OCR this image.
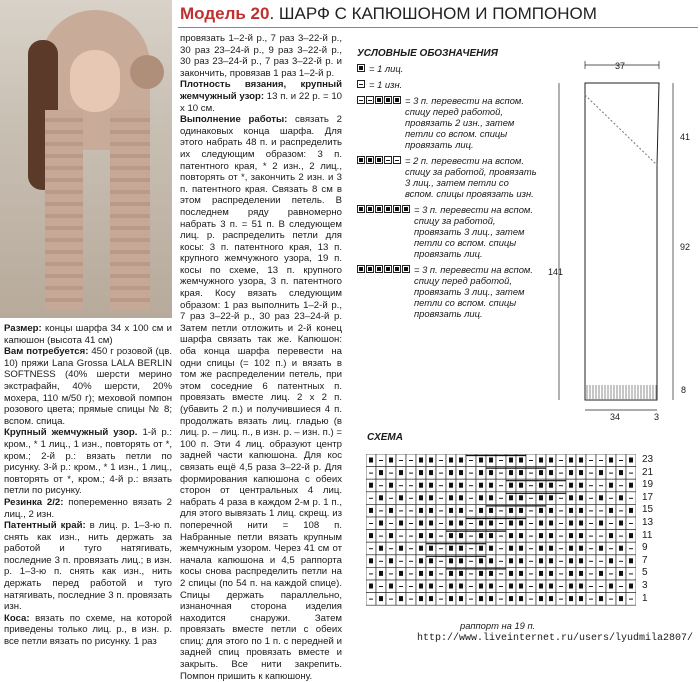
Модель 20. ШАРФ С КАПЮШОНОМ И ПОМПОНОМ
Размер: концы шарфа 34 х 100 см и капюшон (высота 41 см)
Вам потребуется: 450 г розовой (цв. 10) пряжи Lana Grossa LALA BERLIN SOFTNESS (40% шерсти мерино экстрафайн, 40% шерсти, 20% мохера, 110 м/50 г); меховой помпон розового цвета; прямые спицы № 8; вспом. спица.
Крупный жемчужный узор. 1-й р.: кром., * 1 лиц., 1 изн., повторять от *, кром.; 2-й р.: вязать петли по рисунку. 3-й р.: кром., * 1 изн., 1 лиц., повторять от *, кром.; 4-й р.: вязать петли по рисунку.
Резинка 2/2: попеременно вязать 2 лиц., 2 изн.
Патентный край: в лиц. р. 1–3-ю п. снять как изн., нить держать за работой и туго натягивать, последние 3 п. провязать лиц.; в изн. р. 1–3-ю п. снять как изн., нить держать перед работой и туго натягивать, последние 3 п. провязать изн.
Коса: вязать по схеме, на которой приведены только лиц. р., в изн. р. все петли вязать по рисунку. 1 раз
провязать 1–2-й р., 7 раз 3–22-й р., 30 раз 23–24-й р., 9 раз 3–22-й р., 30 раз 23–24-й р., 7 раз 3–22-й р. и закончить, провязав 1 раз 1–2-й р.
Плотность вязания, крупный жемчужный узор: 13 п. и 22 р. = 10 х 10 см.
Выполнение работы: связать 2 одинаковых конца шарфа. Для этого набрать 48 п. и распределить их следующим образом: 3 п. патентного края, * 2 изн., 2 лиц., повторять от *, закончить 2 изн. и 3 п. патентного края. Связать 8 см в этом распределении петель. В последнем ряду равномерно набрать 3 п. = 51 п. В следующем лиц. р. распределить петли для косы: 3 п. патентного края, 13 п. крупного жемчужного узора, 19 п. косы по схеме, 13 п. крупного жемчужного узора, 3 п. патентного края. Косу вязать следующим образом: 1 раз выполнить 1–2-й р., 7 раз 3–22-й р., 30 раз 23–24-й р. Затем петли отложить и 2-й конец шарфа связать так же. Капюшон: оба конца шарфа перевести на одни спицы (= 102 п.) и вязать в том же распределении петель, при этом соседние 6 патентных п. провязать вместе лиц. 2 х 2 п. (убавить 2 п.) и получившиеся 4 п. продолжать вязать лиц. гладью (в лиц. р. – лиц. п., в изн. р. – изн. п.) = 100 п. Эти 4 лиц. образуют центр задней части капюшона. Для кос связать ещё 4,5 раза 3–22-й р. Для формирования капюшона с обеих сторон от центральных 4 лиц. набрать 4 раза в каждом 2-м р. 1 п., для этого вывязать 1 лиц. скрещ. из поперечной нити = 108 п. Набранные петли вязать крупным жемчужным узором. Через 41 см от начала капюшона и 4,5 раппорта косы снова распределить петли на 2 спицы (по 54 п. на каждой спице). Спицы держать параллельно, изнаночная сторона изделия находится снаружи. Затем провязать вместе петли с обеих спиц: для этого по 1 п. с передней и задней спиц провязать вместе и закрыть. Все нити закрепить. Помпон пришить к капюшону.
УСЛОВНЫЕ ОБОЗНАЧЕНИЯ
= 1 лиц.
= 1 изн.
= 3 п. перевести на вспом. спицу перед работой, провязать 2 изн., затем петли со вспом. спицы провязать лиц.
= 2 п. перевести на вспом. спицу за работой, провязать 3 лиц., затем петли со вспом. спицы провязать изн.
= 3 п. перевести на вспом. спицу за работой, провязать 3 лиц., затем петли со вспом. спицы провязать лиц.
= 3 п. перевести на вспом. спицу перед работой, провязать 3 лиц., затем петли со вспом. спицы провязать лиц.
37
41
141
92
8
34	3
СХЕМА
23
21
19
17
15
13
11
9
7
5
3
1
раппорт на 19 п.
http://www.liveinternet.ru/users/lyudmila2807/
